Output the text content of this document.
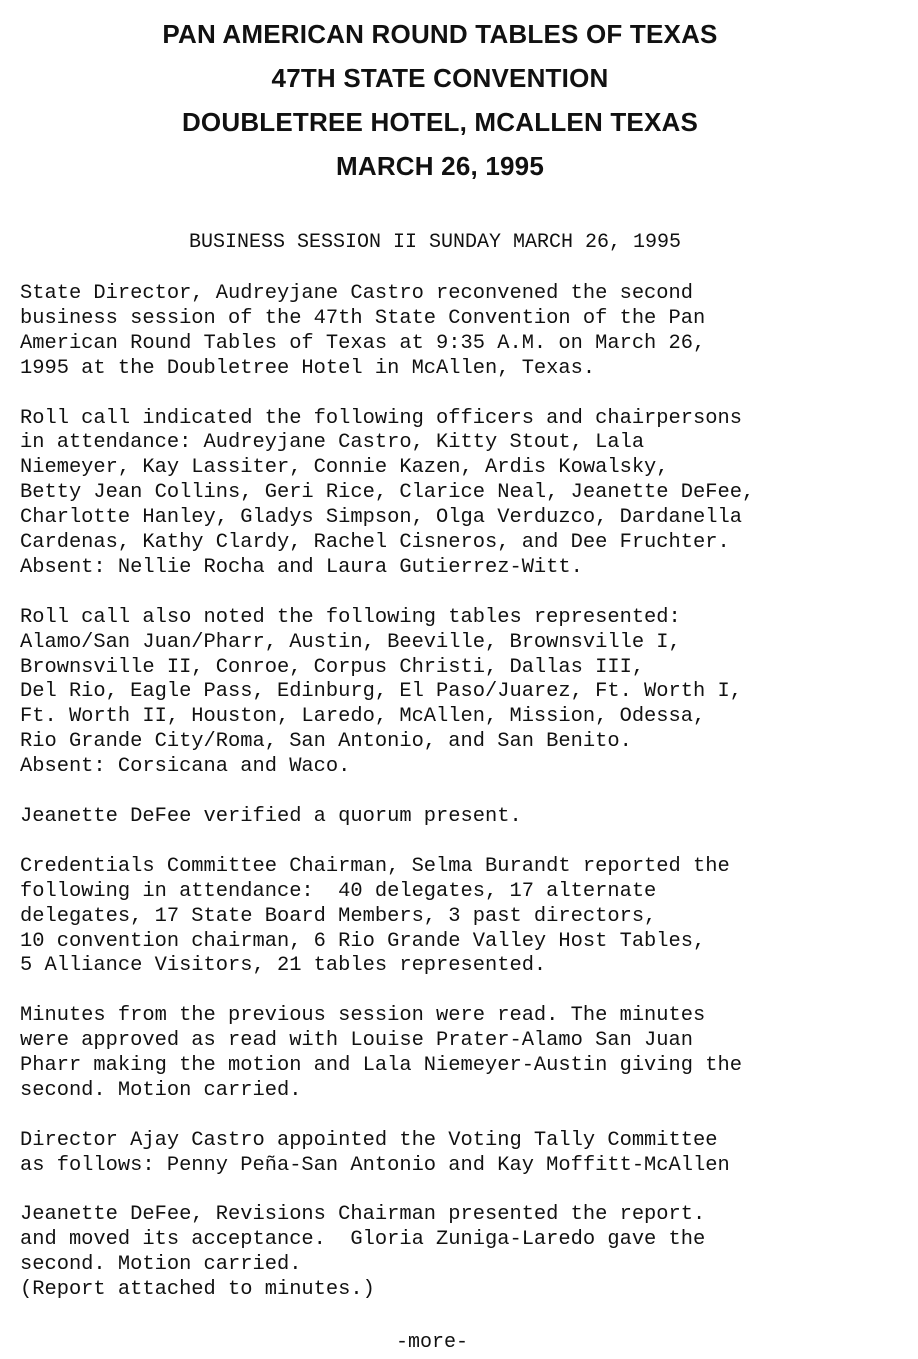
PAN AMERICAN ROUND TABLES OF TEXAS
47TH STATE CONVENTION
DOUBLETREE HOTEL, MCALLEN TEXAS
MARCH 26, 1995
BUSINESS SESSION II SUNDAY MARCH 26, 1995
State Director, Audreyjane Castro reconvened the second
business session of the 47th State Convention of the Pan
American Round Tables of Texas at 9:35 A.M. on March 26,
1995 at the Doubletree Hotel in McAllen, Texas.
Roll call indicated the following officers and chairpersons
in attendance: Audreyjane Castro, Kitty Stout, Lala
Niemeyer, Kay Lassiter, Connie Kazen, Ardis Kowalsky,
Betty Jean Collins, Geri Rice, Clarice Neal, Jeanette DeFee,
Charlotte Hanley, Gladys Simpson, Olga Verduzco, Dardanella
Cardenas, Kathy Clardy, Rachel Cisneros, and Dee Fruchter.
Absent: Nellie Rocha and Laura Gutierrez-Witt.
Roll call also noted the following tables represented:
Alamo/San Juan/Pharr, Austin, Beeville, Brownsville I,
Brownsville II, Conroe, Corpus Christi, Dallas III,
Del Rio, Eagle Pass, Edinburg, El Paso/Juarez, Ft. Worth I,
Ft. Worth II, Houston, Laredo, McAllen, Mission, Odessa,
Rio Grande City/Roma, San Antonio, and San Benito.
Absent: Corsicana and Waco.
Jeanette DeFee verified a quorum present.
Credentials Committee Chairman, Selma Burandt reported the
following in attendance:  40 delegates, 17 alternate
delegates, 17 State Board Members, 3 past directors,
10 convention chairman, 6 Rio Grande Valley Host Tables,
5 Alliance Visitors, 21 tables represented.
Minutes from the previous session were read. The minutes
were approved as read with Louise Prater-Alamo San Juan
Pharr making the motion and Lala Niemeyer-Austin giving the
second. Motion carried.
Director Ajay Castro appointed the Voting Tally Committee
as follows: Penny Peña-San Antonio and Kay Moffitt-McAllen
Jeanette DeFee, Revisions Chairman presented the report.
and moved its acceptance.  Gloria Zuniga-Laredo gave the
second. Motion carried.
(Report attached to minutes.)
-more-
